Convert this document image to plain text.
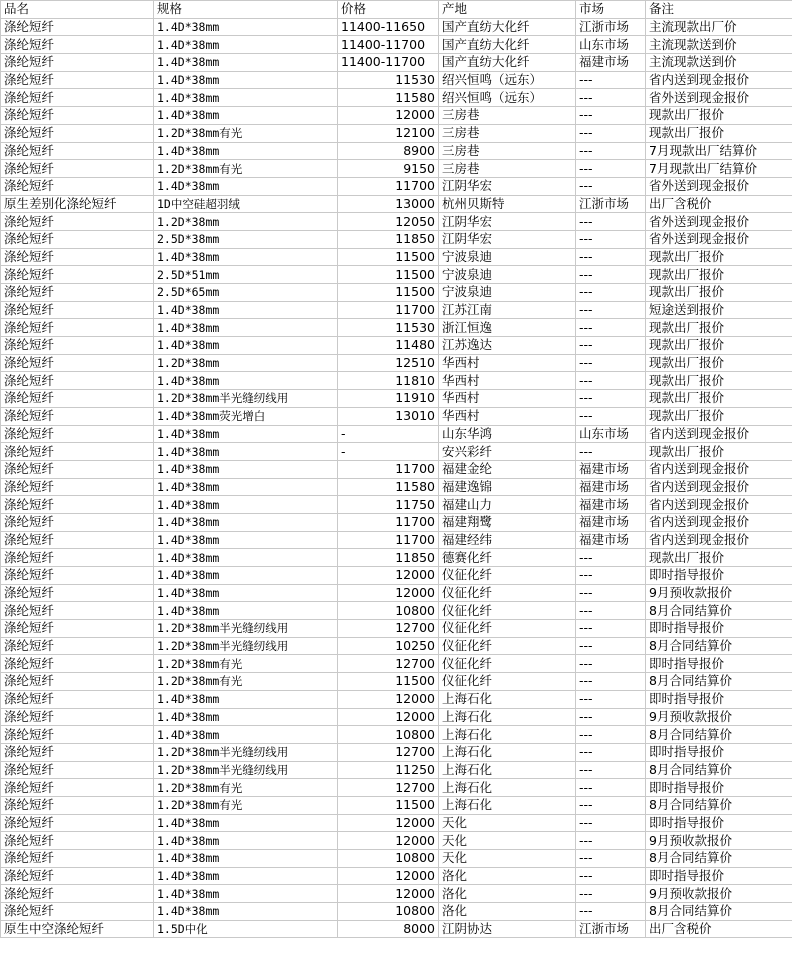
品名	规格	价格	产地	市场	备注
涤纶短纤	1.4D*38mm	11400-11650	国产直纺大化纤	江浙市场	主流现款出厂价
涤纶短纤	1.4D*38mm	11400-11700	国产直纺大化纤	山东市场	主流现款送到价
涤纶短纤	1.4D*38mm	11400-11700	国产直纺大化纤	福建市场	主流现款送到价
涤纶短纤	1.4D*38mm	11530	绍兴恒鸣（远东）	---	省内送到现金报价
涤纶短纤	1.4D*38mm	11580	绍兴恒鸣（远东）	---	省外送到现金报价
涤纶短纤	1.4D*38mm	12000	三房巷	---	现款出厂报价
涤纶短纤	1.2D*38mm有光	12100	三房巷	---	现款出厂报价
涤纶短纤	1.4D*38mm	8900	三房巷	---	7月现款出厂结算价
涤纶短纤	1.2D*38mm有光	9150	三房巷	---	7月现款出厂结算价
涤纶短纤	1.4D*38mm	11700	江阴华宏	---	省外送到现金报价
原生差别化涤纶短纤	1D中空硅超羽绒	13000	杭州贝斯特	江浙市场	出厂含税价
涤纶短纤	1.2D*38mm	12050	江阴华宏	---	省外送到现金报价
涤纶短纤	2.5D*38mm	11850	江阴华宏	---	省外送到现金报价
涤纶短纤	1.4D*38mm	11500	宁波泉迪	---	现款出厂报价
涤纶短纤	2.5D*51mm	11500	宁波泉迪	---	现款出厂报价
涤纶短纤	2.5D*65mm	11500	宁波泉迪	---	现款出厂报价
涤纶短纤	1.4D*38mm	11700	江苏江南	---	短途送到报价
涤纶短纤	1.4D*38mm	11530	浙江恒逸	---	现款出厂报价
涤纶短纤	1.4D*38mm	11480	江苏逸达	---	现款出厂报价
涤纶短纤	1.2D*38mm	12510	华西村	---	现款出厂报价
涤纶短纤	1.4D*38mm	11810	华西村	---	现款出厂报价
涤纶短纤	1.2D*38mm半光缝纫线用	11910	华西村	---	现款出厂报价
涤纶短纤	1.4D*38mm荧光增白	13010	华西村	---	现款出厂报价
涤纶短纤	1.4D*38mm	-	山东华鸿	山东市场	省内送到现金报价
涤纶短纤	1.4D*38mm	-	安兴彩纤	---	现款出厂报价
涤纶短纤	1.4D*38mm	11700	福建金纶	福建市场	省内送到现金报价
涤纶短纤	1.4D*38mm	11580	福建逸锦	福建市场	省内送到现金报价
涤纶短纤	1.4D*38mm	11750	福建山力	福建市场	省内送到现金报价
涤纶短纤	1.4D*38mm	11700	福建翔鹭	福建市场	省内送到现金报价
涤纶短纤	1.4D*38mm	11700	福建经纬	福建市场	省内送到现金报价
涤纶短纤	1.4D*38mm	11850	德赛化纤	---	现款出厂报价
涤纶短纤	1.4D*38mm	12000	仪征化纤	---	即时指导报价
涤纶短纤	1.4D*38mm	12000	仪征化纤	---	9月预收款报价
涤纶短纤	1.4D*38mm	10800	仪征化纤	---	8月合同结算价
涤纶短纤	1.2D*38mm半光缝纫线用	12700	仪征化纤	---	即时指导报价
涤纶短纤	1.2D*38mm半光缝纫线用	10250	仪征化纤	---	8月合同结算价
涤纶短纤	1.2D*38mm有光	12700	仪征化纤	---	即时指导报价
涤纶短纤	1.2D*38mm有光	11500	仪征化纤	---	8月合同结算价
涤纶短纤	1.4D*38mm	12000	上海石化	---	即时指导报价
涤纶短纤	1.4D*38mm	12000	上海石化	---	9月预收款报价
涤纶短纤	1.4D*38mm	10800	上海石化	---	8月合同结算价
涤纶短纤	1.2D*38mm半光缝纫线用	12700	上海石化	---	即时指导报价
涤纶短纤	1.2D*38mm半光缝纫线用	11250	上海石化	---	8月合同结算价
涤纶短纤	1.2D*38mm有光	12700	上海石化	---	即时指导报价
涤纶短纤	1.2D*38mm有光	11500	上海石化	---	8月合同结算价
涤纶短纤	1.4D*38mm	12000	天化	---	即时指导报价
涤纶短纤	1.4D*38mm	12000	天化	---	9月预收款报价
涤纶短纤	1.4D*38mm	10800	天化	---	8月合同结算价
涤纶短纤	1.4D*38mm	12000	洛化	---	即时指导报价
涤纶短纤	1.4D*38mm	12000	洛化	---	9月预收款报价
涤纶短纤	1.4D*38mm	10800	洛化	---	8月合同结算价
原生中空涤纶短纤	1.5D中化	8000	江阴协达	江浙市场	出厂含税价
